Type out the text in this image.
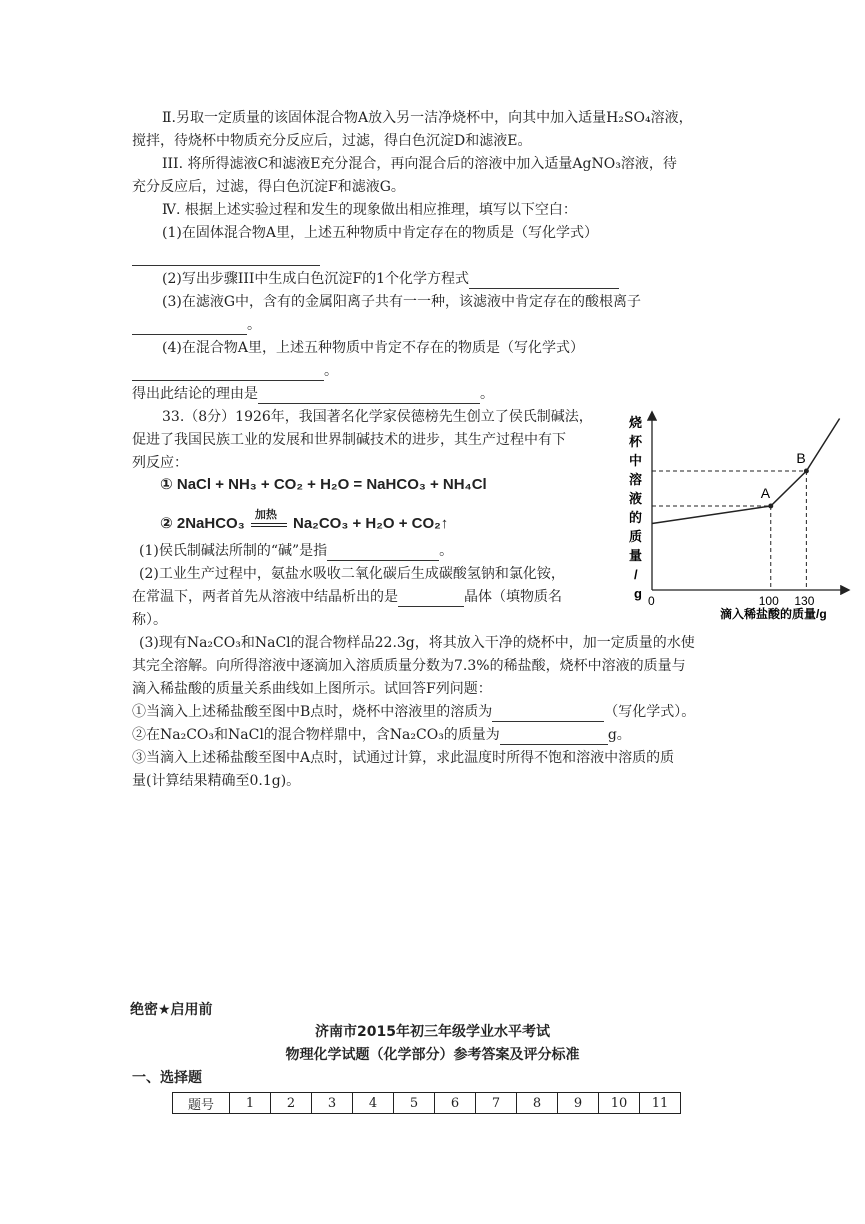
Ⅱ.另取一定质量的该固体混合物A放入另一洁净烧杯中，向其中加入适量H₂SO₄溶液，
搅拌，待烧杯中物质充分反应后，过滤，得白色沉淀D和滤液E。
III. 将所得滤液C和滤液E充分混合，再向混合后的溶液中加入适量AgNO₃溶液，待
充分反应后，过滤，得白色沉淀F和滤液G。
Ⅳ. 根据上述实验过程和发生的现象做出相应推理，填写以下空白：
(1)在固体混合物A里，上述五种物质中肯定存在的物质是（写化学式）
(2)写出步骤III中生成白色沉淀F的1个化学方程式
(3)在滤液G中，含有的金属阳离子共有一一种，该滤液中肯定存在的酸根离子
。
(4)在混合物A里，上述五种物质中肯定不存在的物质是（写化学式）
。
得出此结论的理由是	。
33.（8分）1926年，我国著名化学家侯德榜先生创立了侯氏制碱法，
促进了我国民族工业的发展和世界制碱技术的进步，其生产过程中有下
列反应：
① NaCl + NH₃ + CO₂ + H₂O = NaHCO₃ + NH₄Cl
② 2NaHCO₃ 加热 Na₂CO₃ + H₂O + CO₂↑
(1)侯氏制碱法所制的“碱”是指	。
(2)工业生产过程中，氨盐水吸收二氧化碳后生成碳酸氢钠和氯化铵，
在常温下，两者首先从溶液中结晶析出的是	晶体（填物质名
称）。
(3)现有Na₂CO₃和NaCl的混合物样品22.3g，将其放入干净的烧杯中，加一定质量的水使
其完全溶解。向所得溶液中逐滴加入溶质质量分数为7.3%的稀盐酸，烧杯中溶液的质量与
滴入稀盐酸的质量关系曲线如上图所示。试回答F列问题：
①当滴入上述稀盐酸至图中B点时，烧杯中溶液里的溶质为	（写化学式）。
②在Na₂CO₃和NaCl的混合物样鼎中，含Na₂CO₃的质量为	g。
③当滴入上述稀盐酸至图中A点时，试通过计算，求此温度时所得不饱和溶液中溶质的质
量(计算结果精确至0.1g)。
烧
杯
中
溶
液
的
质
量
/
g
A
B
100 130
0
滴入稀盐酸的质量/g
绝密★启用前
济南市2015年初三年级学业水平考试
物理化学试题（化学部分）参考答案及评分标准
一、选择题
题号	1	2	3	4	5	6	7	8	9	10	11
